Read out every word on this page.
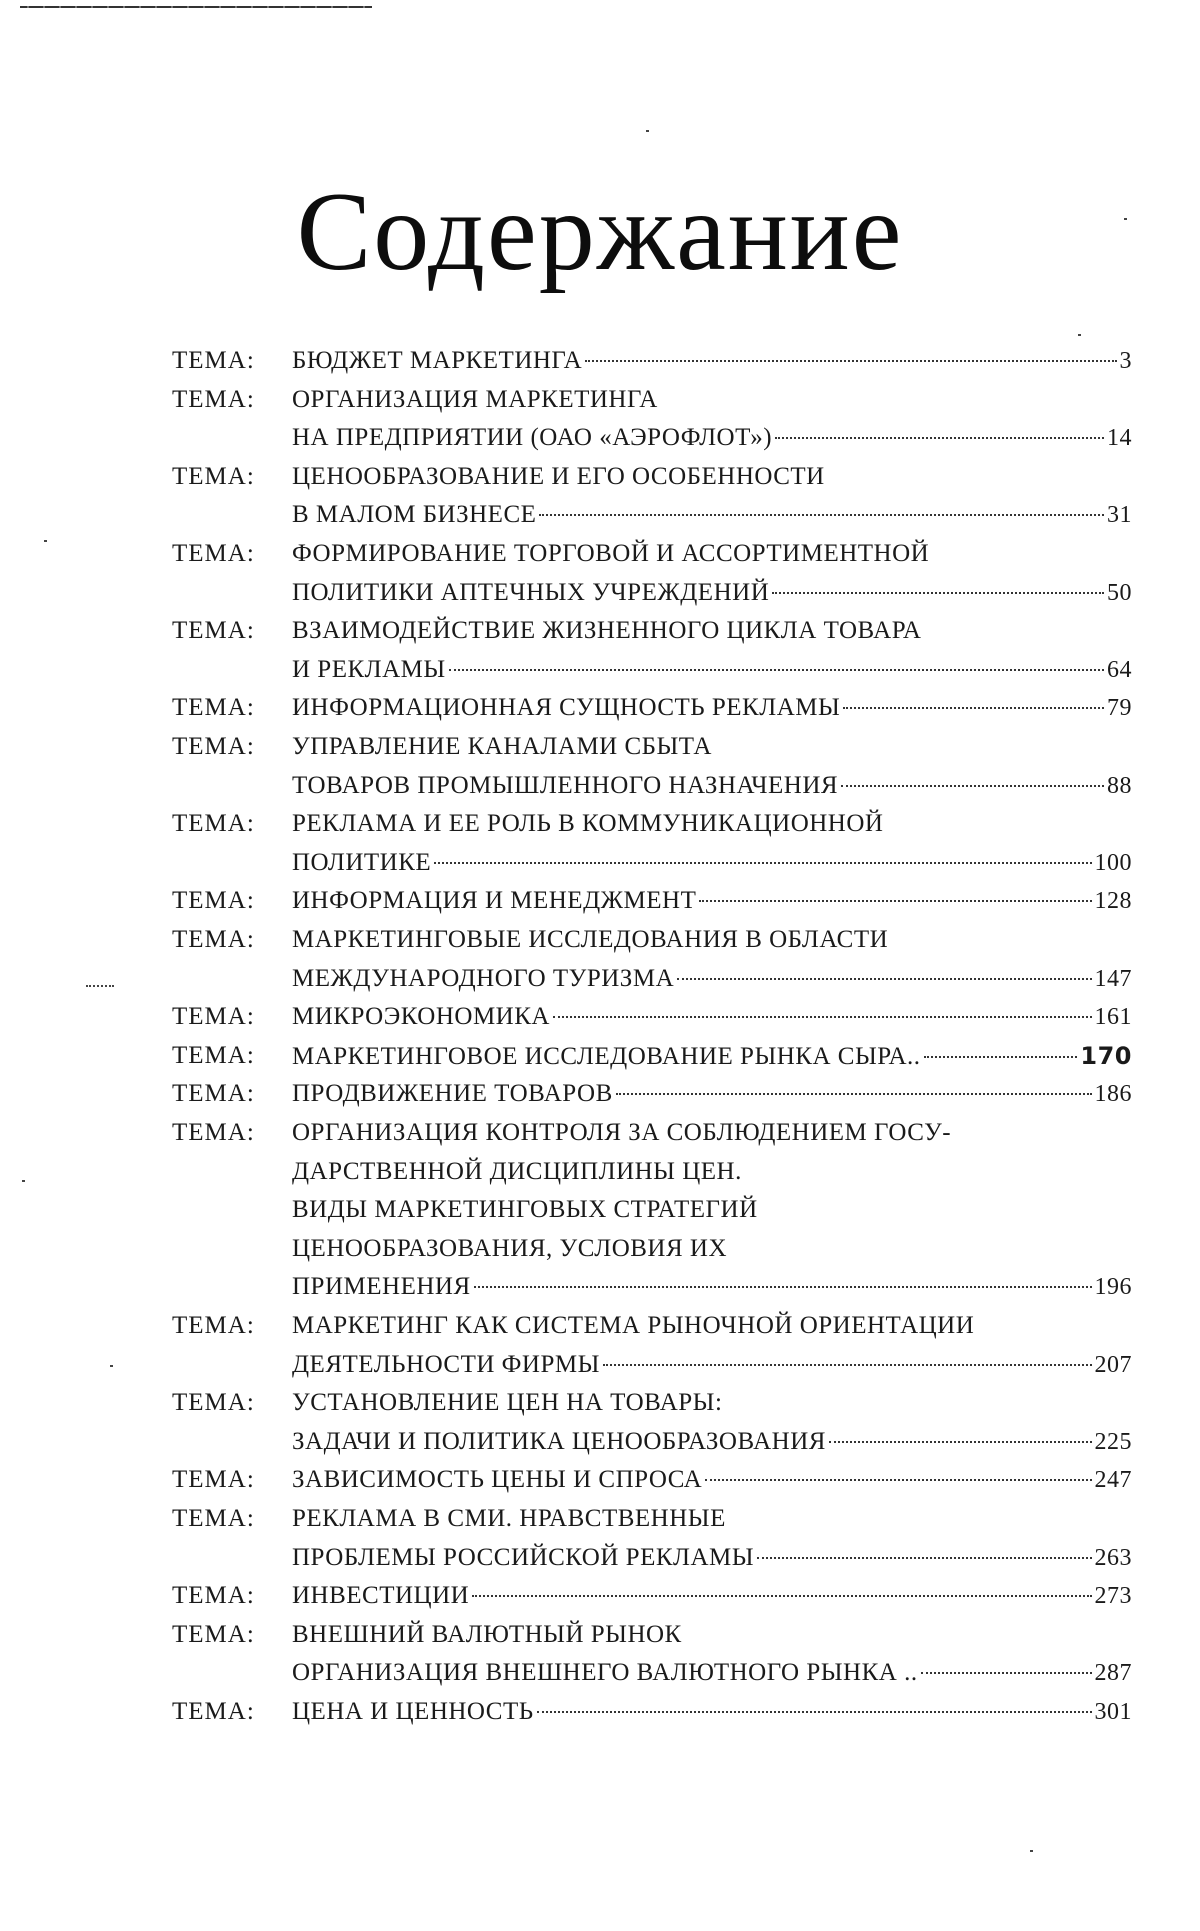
Содержание
ТЕМА: БЮДЖЕТ МАРКЕТИНГА	3
ТЕМА: ОРГАНИЗАЦИЯ МАРКЕТИНГА
НА ПРЕДПРИЯТИИ (ОАО «АЭРОФЛОТ»)	14
ТЕМА: ЦЕНООБРАЗОВАНИЕ И ЕГО ОСОБЕННОСТИ
В МАЛОМ БИЗНЕСЕ	31
ТЕМА: ФОРМИРОВАНИЕ ТОРГОВОЙ И АССОРТИМЕНТНОЙ
ПОЛИТИКИ АПТЕЧНЫХ УЧРЕЖДЕНИЙ	50
ТЕМА: ВЗАИМОДЕЙСТВИЕ ЖИЗНЕННОГО ЦИКЛА ТОВАРА
И РЕКЛАМЫ	64
ТЕМА: ИНФОРМАЦИОННАЯ СУЩНОСТЬ РЕКЛАМЫ	79
ТЕМА: УПРАВЛЕНИЕ КАНАЛАМИ СБЫТА
ТОВАРОВ ПРОМЫШЛЕННОГО НАЗНАЧЕНИЯ	88
ТЕМА: РЕКЛАМА И ЕЕ РОЛЬ В КОММУНИКАЦИОННОЙ
ПОЛИТИКЕ	100
ТЕМА: ИНФОРМАЦИЯ И МЕНЕДЖМЕНТ	128
ТЕМА: МАРКЕТИНГОВЫЕ ИССЛЕДОВАНИЯ В ОБЛАСТИ
МЕЖДУНАРОДНОГО ТУРИЗМА	147
ТЕМА: МИКРОЭКОНОМИКА	161
ТЕМА: МАРКЕТИНГОВОЕ ИССЛЕДОВАНИЕ РЫНКА СЫРА..	170
ТЕМА: ПРОДВИЖЕНИЕ ТОВАРОВ	186
ТЕМА: ОРГАНИЗАЦИЯ КОНТРОЛЯ ЗА СОБЛЮДЕНИЕМ ГОСУ-
ДАРСТВЕННОЙ ДИСЦИПЛИНЫ ЦЕН.
ВИДЫ МАРКЕТИНГОВЫХ СТРАТЕГИЙ
ЦЕНООБРАЗОВАНИЯ, УСЛОВИЯ ИХ
ПРИМЕНЕНИЯ	196
ТЕМА: МАРКЕТИНГ КАК СИСТЕМА РЫНОЧНОЙ ОРИЕНТАЦИИ
ДЕЯТЕЛЬНОСТИ ФИРМЫ	207
ТЕМА: УСТАНОВЛЕНИЕ ЦЕН НА ТОВАРЫ:
ЗАДАЧИ И ПОЛИТИКА ЦЕНООБРАЗОВАНИЯ	225
ТЕМА: ЗАВИСИМОСТЬ ЦЕНЫ И СПРОСА	247
ТЕМА: РЕКЛАМА В СМИ. НРАВСТВЕННЫЕ
ПРОБЛЕМЫ РОССИЙСКОЙ РЕКЛАМЫ	263
ТЕМА: ИНВЕСТИЦИИ	273
ТЕМА: ВНЕШНИЙ ВАЛЮТНЫЙ РЫНОК
ОРГАНИЗАЦИЯ ВНЕШНЕГО ВАЛЮТНОГО РЫНКА ..	287
ТЕМА: ЦЕНА И ЦЕННОСТЬ	301
